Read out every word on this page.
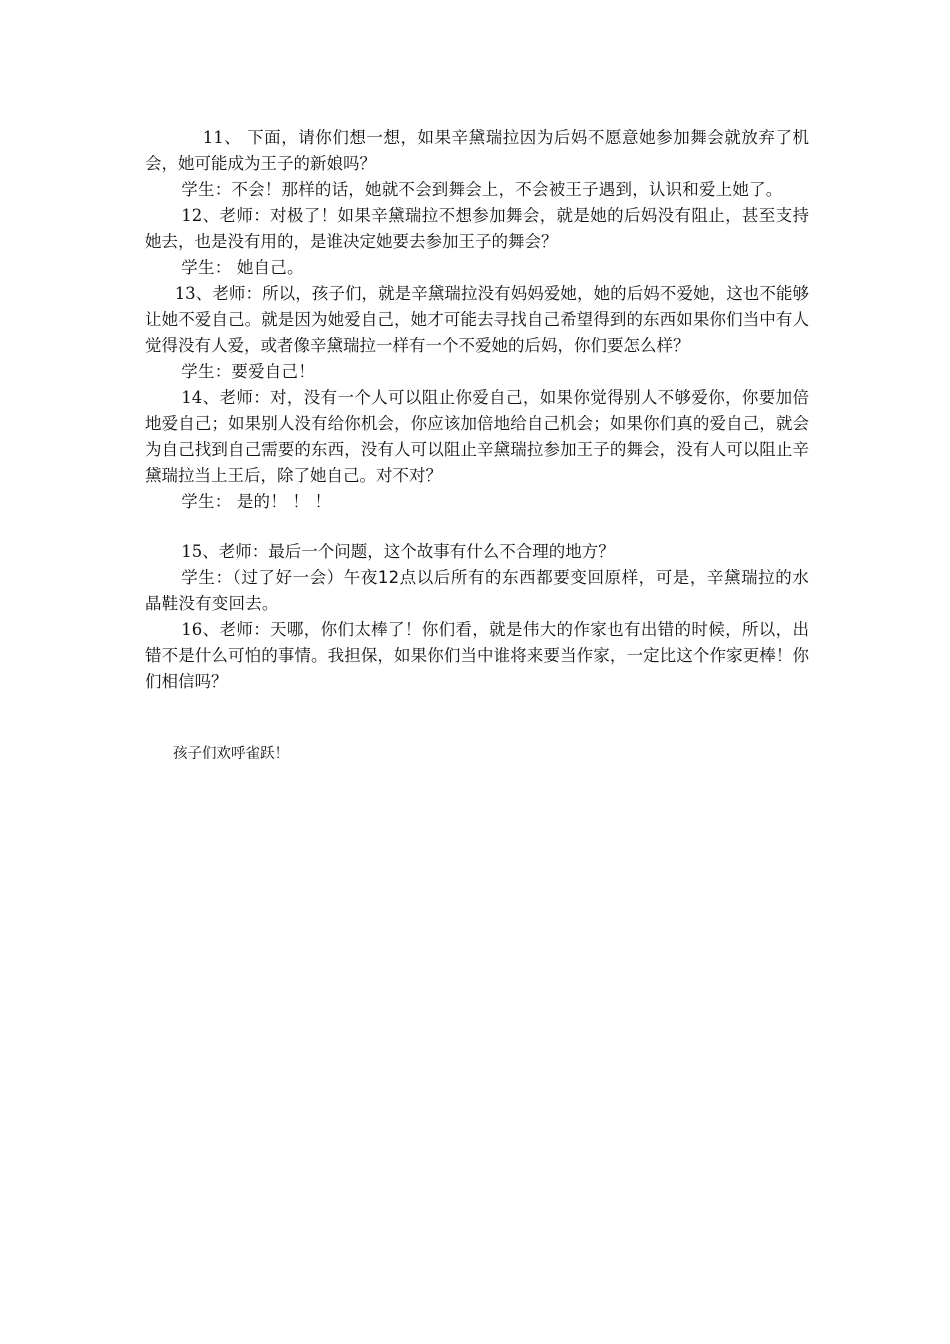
11、 下面，请你们想一想，如果辛黛瑞拉因为后妈不愿意她参加舞会就放弃了机会，她可能成为王子的新娘吗？

学生：不会！那样的话，她就不会到舞会上，不会被王子遇到，认识和爱上她了。

12、老师：对极了！如果辛黛瑞拉不想参加舞会，就是她的后妈没有阻止，甚至支持她去，也是没有用的，是谁决定她要去参加王子的舞会？

学生： 她自己。

13、老师：所以，孩子们，就是辛黛瑞拉没有妈妈爱她，她的后妈不爱她，这也不能够让她不爱自己。就是因为她爱自己，她才可能去寻找自己希望得到的东西如果你们当中有人觉得没有人爱，或者像辛黛瑞拉一样有一个不爱她的后妈，你们要怎么样？

学生：要爱自己！

14、老师：对，没有一个人可以阻止你爱自己，如果你觉得别人不够爱你，你要加倍地爱自己；如果别人没有给你机会，你应该加倍地给自己机会；如果你们真的爱自己，就会为自己找到自己需要的东西，没有人可以阻止辛黛瑞拉参加王子的舞会，没有人可以阻止辛黛瑞拉当上王后，除了她自己。对不对？

学生： 是的！ ！ ！

15、老师：最后一个问题，这个故事有什么不合理的地方？

学生：（过了好一会）午夜12点以后所有的东西都要变回原样，可是，辛黛瑞拉的水晶鞋没有变回去。

16、老师：天哪，你们太棒了！你们看，就是伟大的作家也有出错的时候，所以，出错不是什么可怕的事情。我担保，如果你们当中谁将来要当作家，一定比这个作家更棒！你们相信吗？

孩子们欢呼雀跃！
